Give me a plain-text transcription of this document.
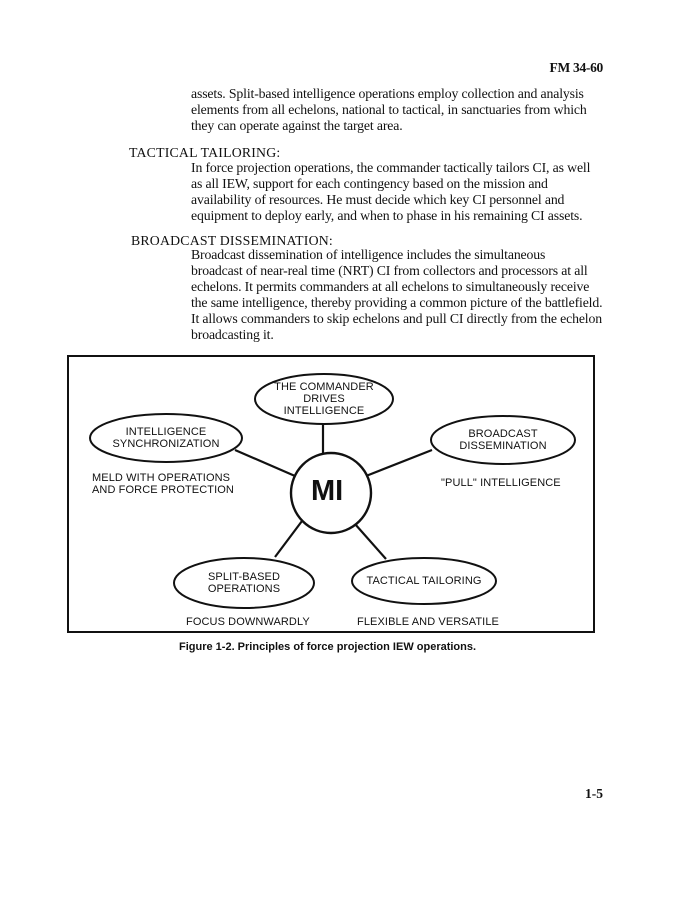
FM 34-60
assets. Split-based intelligence operations employ collection and analysis
elements from all echelons, national to tactical, in sanctuaries from which
they can operate against the target area.
TACTICAL TAILORING:
In force projection operations, the commander tactically tailors CI, as well
as all IEW, support for each contingency based on the mission and
availability of resources. He must decide which key CI personnel and
equipment to deploy early, and when to phase in his remaining CI assets.
BROADCAST DISSEMINATION:
Broadcast dissemination of intelligence includes the simultaneous
broadcast of near-real time (NRT) CI from collectors and processors at all
echelons. It permits commanders at all echelons to simultaneously receive
the same intelligence, thereby providing a common picture of the battlefield.
It allows commanders to skip echelons and pull CI directly from the echelon
broadcasting it.
MI
THE COMMANDER
DRIVES
INTELLIGENCE
INTELLIGENCE
SYNCHRONIZATION
BROADCAST
DISSEMINATION
SPLIT-BASED
OPERATIONS
TACTICAL TAILORING
MELD WITH OPERATIONS
AND FORCE PROTECTION
"PULL" INTELLIGENCE
FOCUS DOWNWARDLY	FLEXIBLE AND VERSATILE
Figure 1-2. Principles of force projection IEW operations.
1-5
